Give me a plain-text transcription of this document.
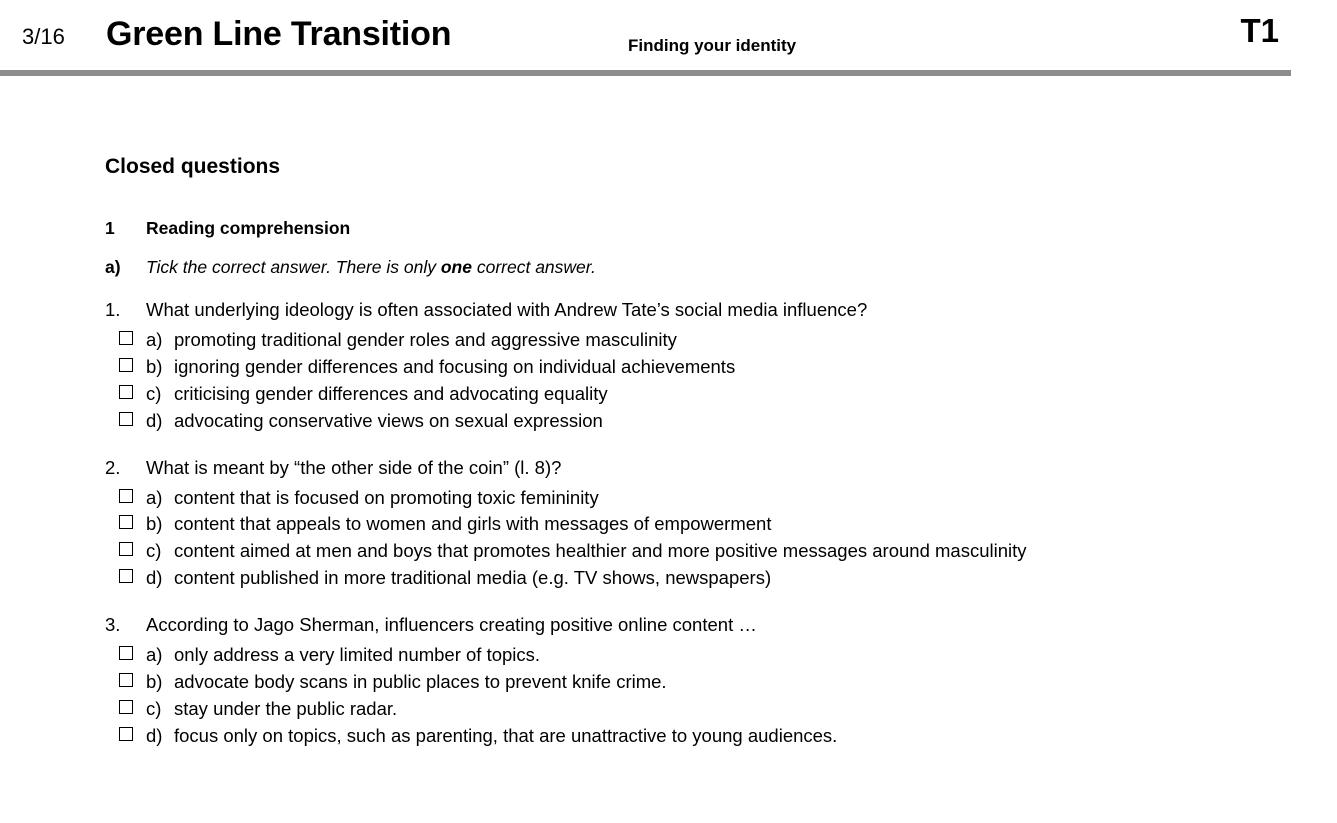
3/16 Green Line Transition	Finding your identity	T1
Closed questions
1	Reading comprehension
a)	Tick the correct answer. There is only one correct answer.
1.	What underlying ideology is often associated with Andrew Tate’s social media influence?
a) promoting traditional gender roles and aggressive masculinity
b) ignoring gender differences and focusing on individual achievements
c) criticising gender differences and advocating equality
d) advocating conservative views on sexual expression
2.	What is meant by “the other side of the coin” (l. 8)?
a) content that is focused on promoting toxic femininity
b) content that appeals to women and girls with messages of empowerment
c) content aimed at men and boys that promotes healthier and more positive messages around masculinity
d) content published in more traditional media (e.g. TV shows, newspapers)
3.	According to Jago Sherman, influencers creating positive online content …
a) only address a very limited number of topics.
b) advocate body scans in public places to prevent knife crime.
c) stay under the public radar.
d) focus only on topics, such as parenting, that are unattractive to young audiences.
